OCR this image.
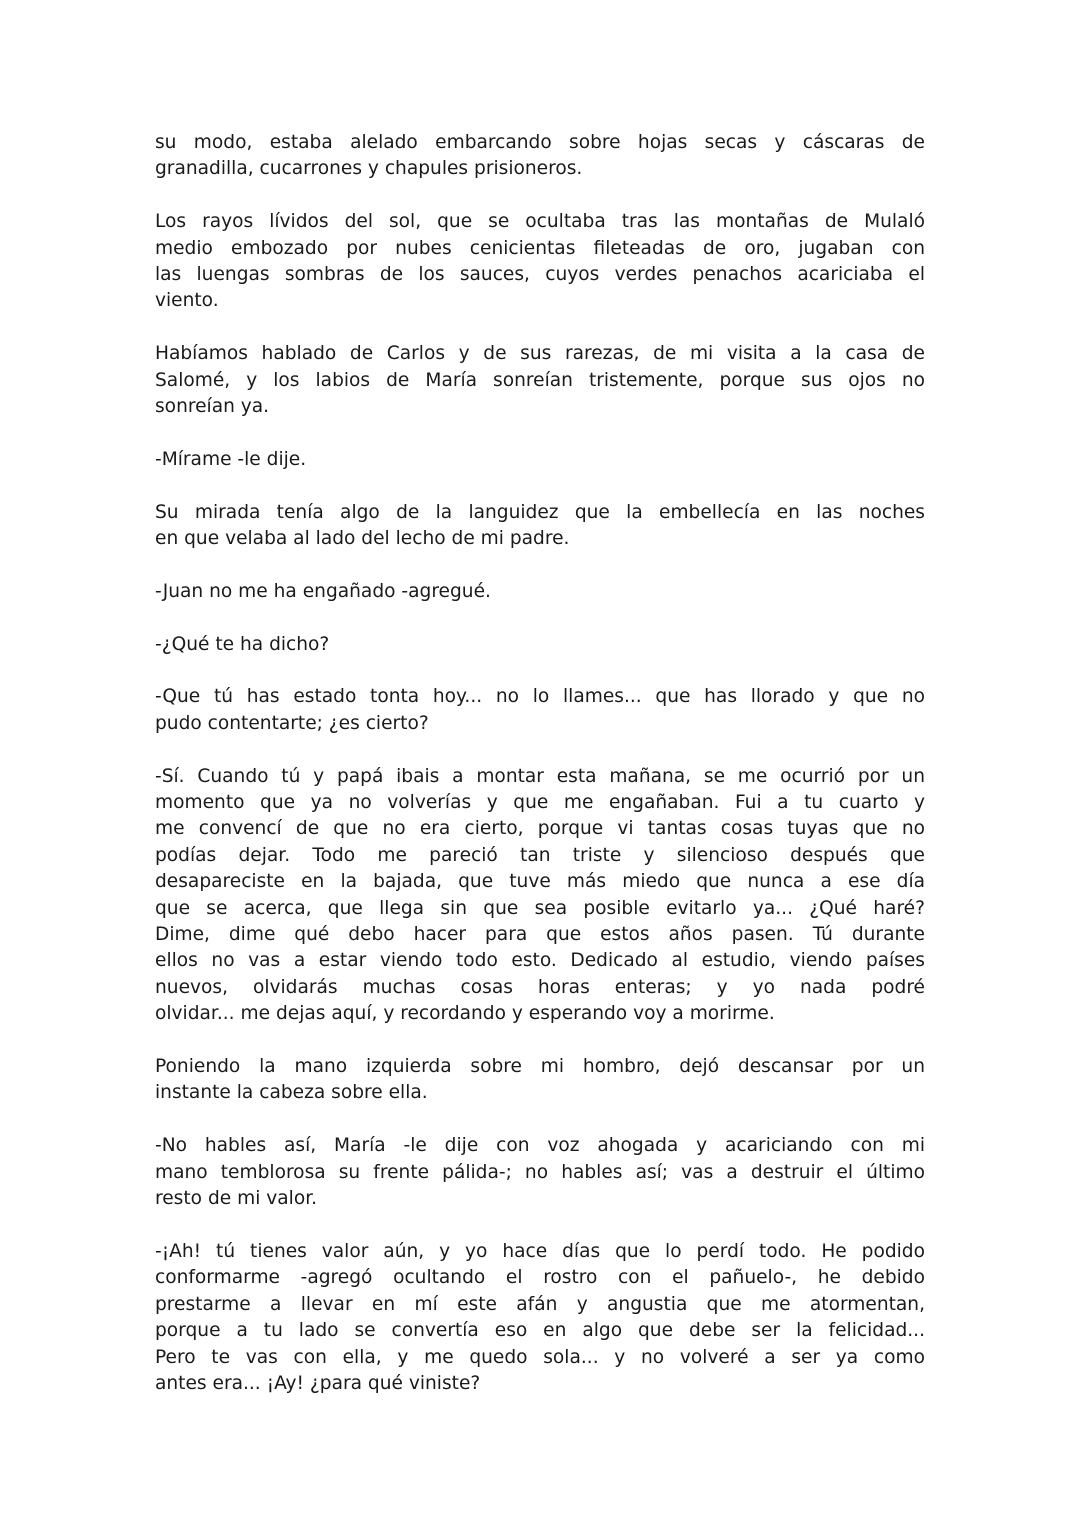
su modo, estaba alelado embarcando sobre hojas secas y cáscaras de
granadilla, cucarrones y chapules prisioneros.

Los rayos lívidos del sol, que se ocultaba tras las montañas de Mulaló
medio embozado por nubes cenicientas fileteadas de oro, jugaban con
las luengas sombras de los sauces, cuyos verdes penachos acariciaba el
viento.

Habíamos hablado de Carlos y de sus rarezas, de mi visita a la casa de
Salomé, y los labios de María sonreían tristemente, porque sus ojos no
sonreían ya.

-Mírame -le dije.

Su mirada tenía algo de la languidez que la embellecía en las noches
en que velaba al lado del lecho de mi padre.

-Juan no me ha engañado -agregué.

-¿Qué te ha dicho?

-Que tú has estado tonta hoy... no lo llames... que has llorado y que no
pudo contentarte; ¿es cierto?

-Sí. Cuando tú y papá ibais a montar esta mañana, se me ocurrió por un
momento que ya no volverías y que me engañaban. Fui a tu cuarto y
me convencí de que no era cierto, porque vi tantas cosas tuyas que no
podías dejar. Todo me pareció tan triste y silencioso después que
desapareciste en la bajada, que tuve más miedo que nunca a ese día
que se acerca, que llega sin que sea posible evitarlo ya... ¿Qué haré?
Dime, dime qué debo hacer para que estos años pasen. Tú durante
ellos no vas a estar viendo todo esto. Dedicado al estudio, viendo países
nuevos, olvidarás muchas cosas horas enteras; y yo nada podré
olvidar... me dejas aquí, y recordando y esperando voy a morirme.

Poniendo la mano izquierda sobre mi hombro, dejó descansar por un
instante la cabeza sobre ella.

-No hables así, María -le dije con voz ahogada y acariciando con mi
mano temblorosa su frente pálida-; no hables así; vas a destruir el último
resto de mi valor.

-¡Ah! tú tienes valor aún, y yo hace días que lo perdí todo. He podido
conformarme -agregó ocultando el rostro con el pañuelo-, he debido
prestarme a llevar en mí este afán y angustia que me atormentan,
porque a tu lado se convertía eso en algo que debe ser la felicidad...
Pero te vas con ella, y me quedo sola... y no volveré a ser ya como
antes era... ¡Ay! ¿para qué viniste?
